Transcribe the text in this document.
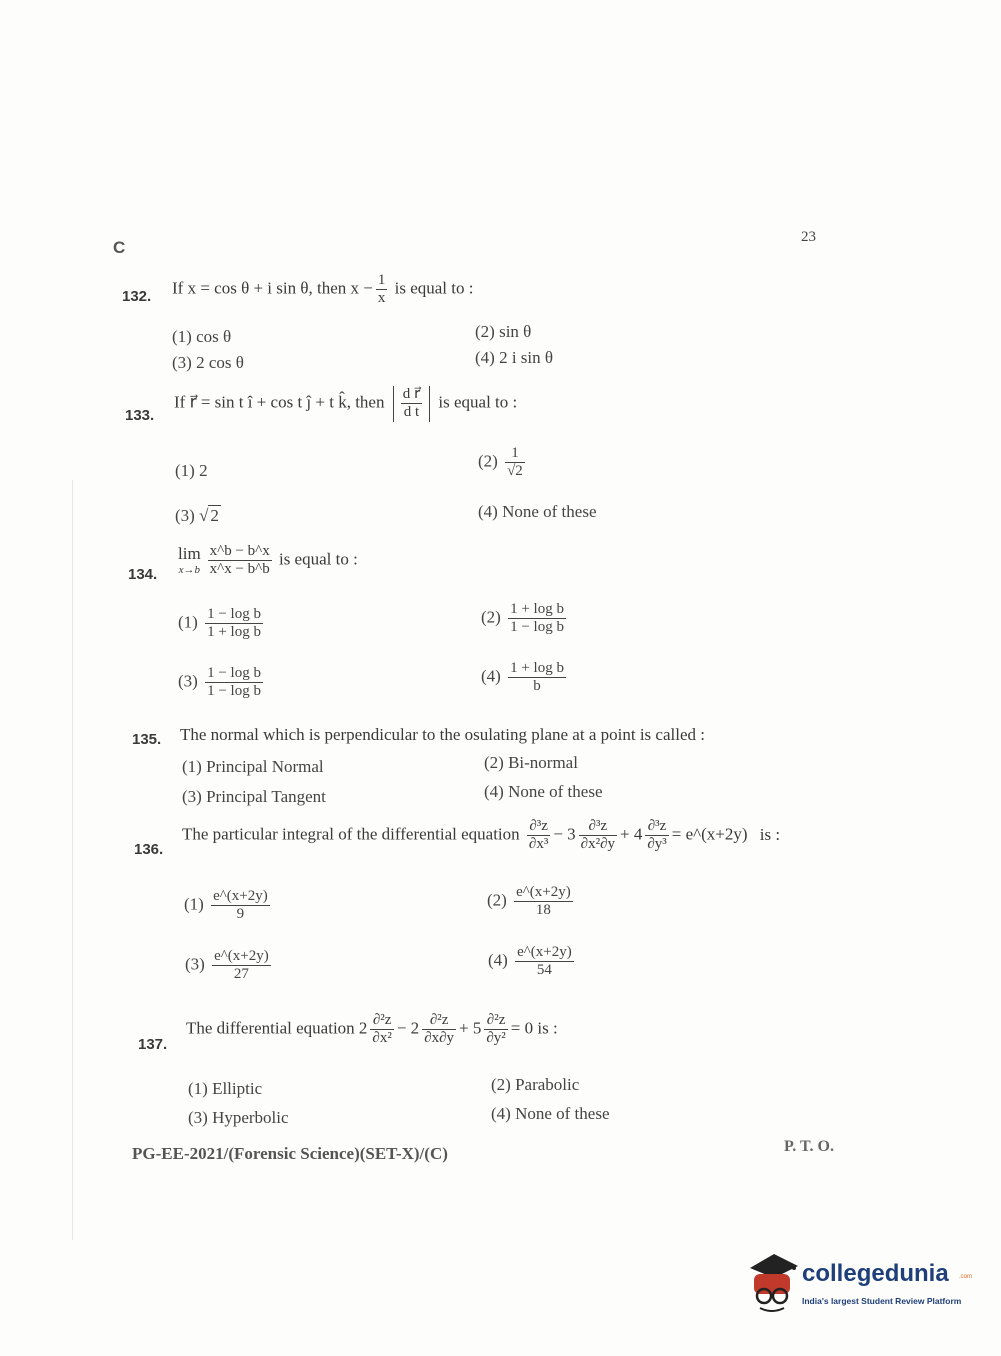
C
23
132. If x = cos θ + i sin θ, then $x - \frac{1}{x}$ is equal to :
(1) cos θ	(2) sin θ
(3) 2 cos θ	(4) 2 i sin θ
133.
If r⃗ = sin t î + cos t ĵ + t k̂, then $\frac{\text{d r⃗}}{\text{d t}}$ is equal to :
(1) 2	$(2) \frac{1}{√2}$
(3) √ 2	(4) None of these
134.
lim
$x\to b \frac{x\^{}b - b\^{}x}{x\^{}x - b\^{}b}$ is equal to :
$(1) \frac{\text{1 − log b}}{\text{1 + log b}}$	$(2) \frac{\text{1 + log b}}{\text{1 − log b}}$
$(3) \frac{\text{1 − log b}}{\text{1 − log b}}$	$(4) \frac{\text{1 + log b}}{b}$
135. The normal which is perpendicular to the osulating plane at a point is called :
(1) Principal Normal	(2) Bi-normal
(3) Principal Tangent	(4) None of these
136.
The particular integral of the differential equation $\frac{\text{∂³z}}{\text{∂x³}} - 3 \frac{\text{∂³z}}{\text{∂x²∂y}} + 4 \frac{\text{∂³z}}{\text{∂y³}}$ = e^(x+2y) is :
$(1) \frac{e\^{}(x+2y)}{9}$	$(2) \frac{e\^{}(x+2y)}{18}$
$(3) \frac{e\^{}(x+2y)}{27}$	$(4) \frac{e\^{}(x+2y)}{54}$
137.
The differential equation $2 \frac{\text{∂²z}}{\text{∂x²}} - 2 \frac{\text{∂²z}}{\partial x\partial y} + 5 \frac{\text{∂²z}}{\text{∂y²}} = 0$ is :
(1) Elliptic	(2) Parabolic
(3) Hyperbolic	(4) None of these
PG-EE-2021/(Forensic Science)(SET-X)/(C)	P. T. O.
collegedunia .com
India's largest Student Review Platform
